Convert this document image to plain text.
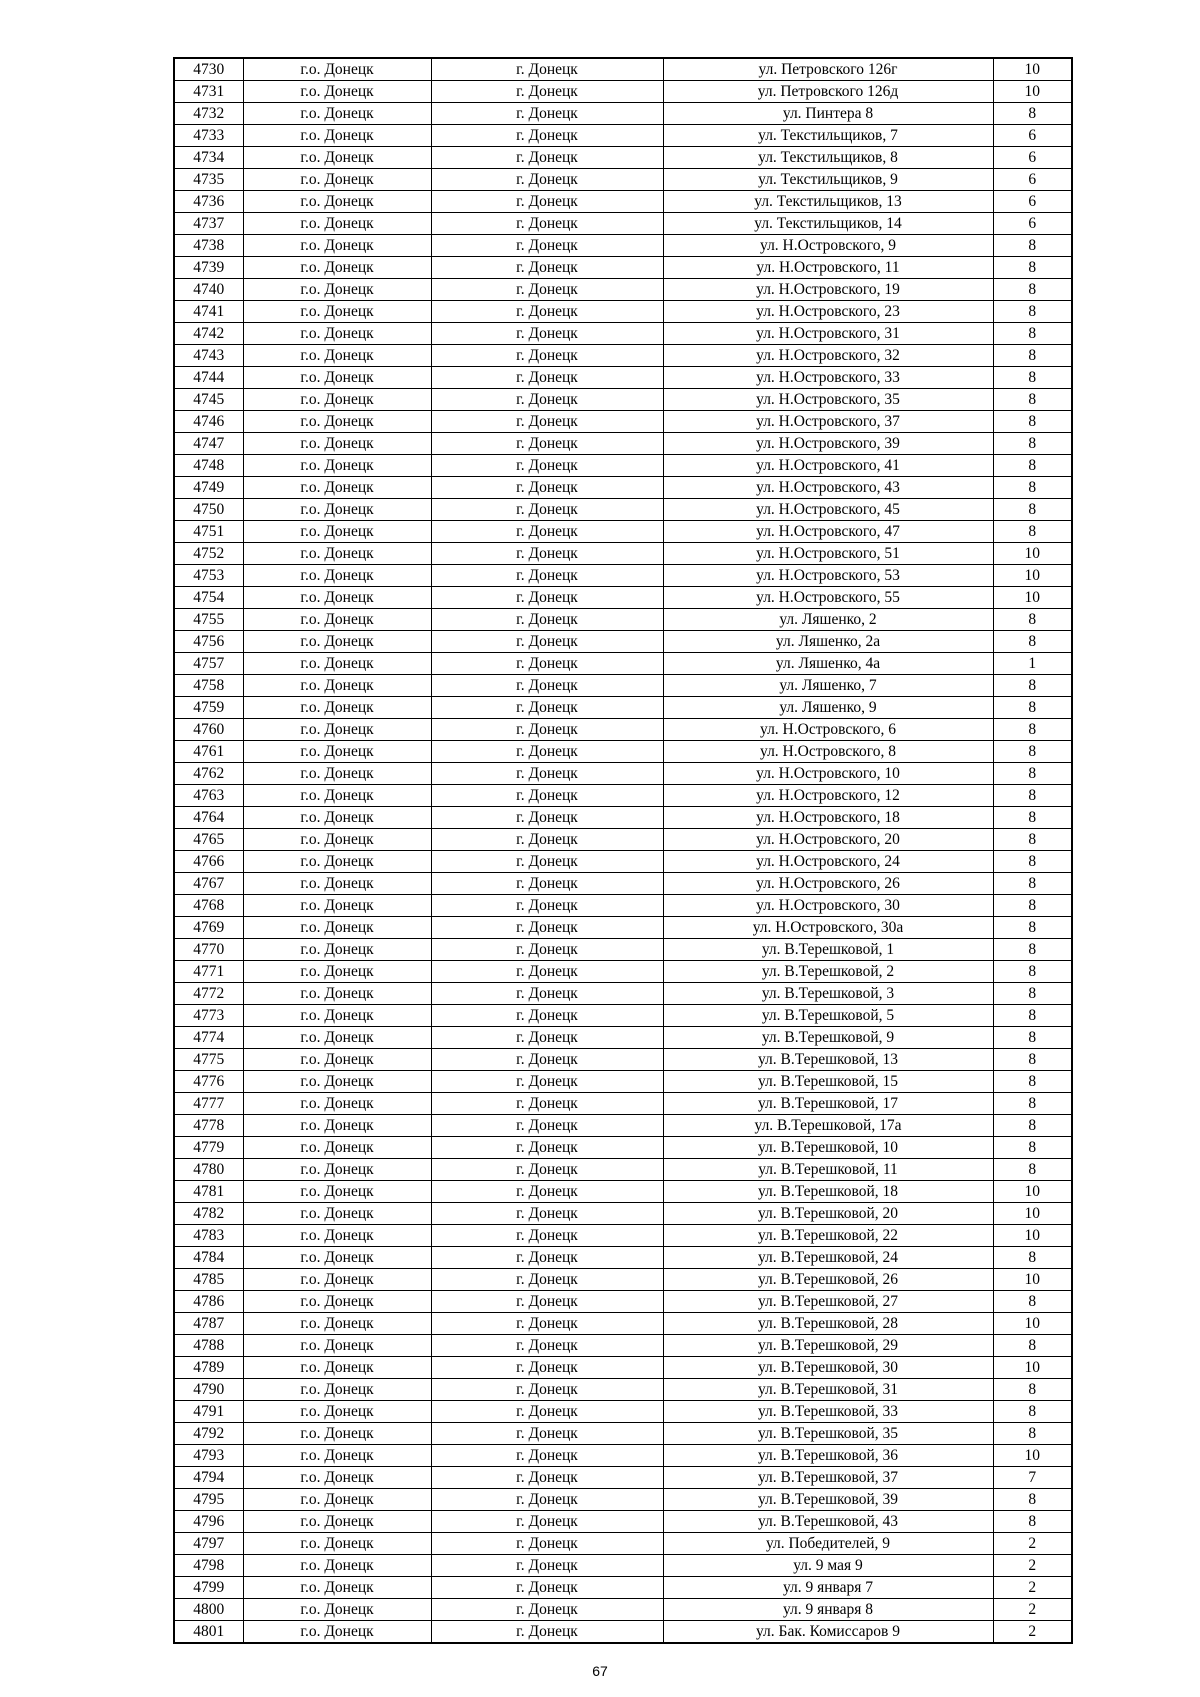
4730	г.о. Донецк	г. Донецк	ул. Петровского 126г	10
4731	г.о. Донецк	г. Донецк	ул. Петровского 126д	10
4732	г.о. Донецк	г. Донецк	ул. Пинтера 8	8
4733	г.о. Донецк	г. Донецк	ул. Текстильщиков, 7	6
4734	г.о. Донецк	г. Донецк	ул. Текстильщиков, 8	6
4735	г.о. Донецк	г. Донецк	ул. Текстильщиков, 9	6
4736	г.о. Донецк	г. Донецк	ул. Текстильщиков, 13	6
4737	г.о. Донецк	г. Донецк	ул. Текстильщиков, 14	6
4738	г.о. Донецк	г. Донецк	ул. Н.Островского, 9	8
4739	г.о. Донецк	г. Донецк	ул. Н.Островского, 11	8
4740	г.о. Донецк	г. Донецк	ул. Н.Островского, 19	8
4741	г.о. Донецк	г. Донецк	ул. Н.Островского, 23	8
4742	г.о. Донецк	г. Донецк	ул. Н.Островского, 31	8
4743	г.о. Донецк	г. Донецк	ул. Н.Островского, 32	8
4744	г.о. Донецк	г. Донецк	ул. Н.Островского, 33	8
4745	г.о. Донецк	г. Донецк	ул. Н.Островского, 35	8
4746	г.о. Донецк	г. Донецк	ул. Н.Островского, 37	8
4747	г.о. Донецк	г. Донецк	ул. Н.Островского, 39	8
4748	г.о. Донецк	г. Донецк	ул. Н.Островского, 41	8
4749	г.о. Донецк	г. Донецк	ул. Н.Островского, 43	8
4750	г.о. Донецк	г. Донецк	ул. Н.Островского, 45	8
4751	г.о. Донецк	г. Донецк	ул. Н.Островского, 47	8
4752	г.о. Донецк	г. Донецк	ул. Н.Островского, 51	10
4753	г.о. Донецк	г. Донецк	ул. Н.Островского, 53	10
4754	г.о. Донецк	г. Донецк	ул. Н.Островского, 55	10
4755	г.о. Донецк	г. Донецк	ул. Ляшенко, 2	8
4756	г.о. Донецк	г. Донецк	ул. Ляшенко, 2а	8
4757	г.о. Донецк	г. Донецк	ул. Ляшенко, 4а	1
4758	г.о. Донецк	г. Донецк	ул. Ляшенко, 7	8
4759	г.о. Донецк	г. Донецк	ул. Ляшенко, 9	8
4760	г.о. Донецк	г. Донецк	ул. Н.Островского, 6	8
4761	г.о. Донецк	г. Донецк	ул. Н.Островского, 8	8
4762	г.о. Донецк	г. Донецк	ул. Н.Островского, 10	8
4763	г.о. Донецк	г. Донецк	ул. Н.Островского, 12	8
4764	г.о. Донецк	г. Донецк	ул. Н.Островского, 18	8
4765	г.о. Донецк	г. Донецк	ул. Н.Островского, 20	8
4766	г.о. Донецк	г. Донецк	ул. Н.Островского, 24	8
4767	г.о. Донецк	г. Донецк	ул. Н.Островского, 26	8
4768	г.о. Донецк	г. Донецк	ул. Н.Островского, 30	8
4769	г.о. Донецк	г. Донецк	ул. Н.Островского, 30а	8
4770	г.о. Донецк	г. Донецк	ул. В.Терешковой, 1	8
4771	г.о. Донецк	г. Донецк	ул. В.Терешковой, 2	8
4772	г.о. Донецк	г. Донецк	ул. В.Терешковой, 3	8
4773	г.о. Донецк	г. Донецк	ул. В.Терешковой, 5	8
4774	г.о. Донецк	г. Донецк	ул. В.Терешковой, 9	8
4775	г.о. Донецк	г. Донецк	ул. В.Терешковой, 13	8
4776	г.о. Донецк	г. Донецк	ул. В.Терешковой, 15	8
4777	г.о. Донецк	г. Донецк	ул. В.Терешковой, 17	8
4778	г.о. Донецк	г. Донецк	ул. В.Терешковой, 17а	8
4779	г.о. Донецк	г. Донецк	ул. В.Терешковой, 10	8
4780	г.о. Донецк	г. Донецк	ул. В.Терешковой, 11	8
4781	г.о. Донецк	г. Донецк	ул. В.Терешковой, 18	10
4782	г.о. Донецк	г. Донецк	ул. В.Терешковой, 20	10
4783	г.о. Донецк	г. Донецк	ул. В.Терешковой, 22	10
4784	г.о. Донецк	г. Донецк	ул. В.Терешковой, 24	8
4785	г.о. Донецк	г. Донецк	ул. В.Терешковой, 26	10
4786	г.о. Донецк	г. Донецк	ул. В.Терешковой, 27	8
4787	г.о. Донецк	г. Донецк	ул. В.Терешковой, 28	10
4788	г.о. Донецк	г. Донецк	ул. В.Терешковой, 29	8
4789	г.о. Донецк	г. Донецк	ул. В.Терешковой, 30	10
4790	г.о. Донецк	г. Донецк	ул. В.Терешковой, 31	8
4791	г.о. Донецк	г. Донецк	ул. В.Терешковой, 33	8
4792	г.о. Донецк	г. Донецк	ул. В.Терешковой, 35	8
4793	г.о. Донецк	г. Донецк	ул. В.Терешковой, 36	10
4794	г.о. Донецк	г. Донецк	ул. В.Терешковой, 37	7
4795	г.о. Донецк	г. Донецк	ул. В.Терешковой, 39	8
4796	г.о. Донецк	г. Донецк	ул. В.Терешковой, 43	8
4797	г.о. Донецк	г. Донецк	ул. Победителей, 9	2
4798	г.о. Донецк	г. Донецк	ул. 9 мая 9	2
4799	г.о. Донецк	г. Донецк	ул. 9 января 7	2
4800	г.о. Донецк	г. Донецк	ул. 9 января 8	2
4801	г.о. Донецк	г. Донецк	ул. Бак. Комиссаров 9	2
67
